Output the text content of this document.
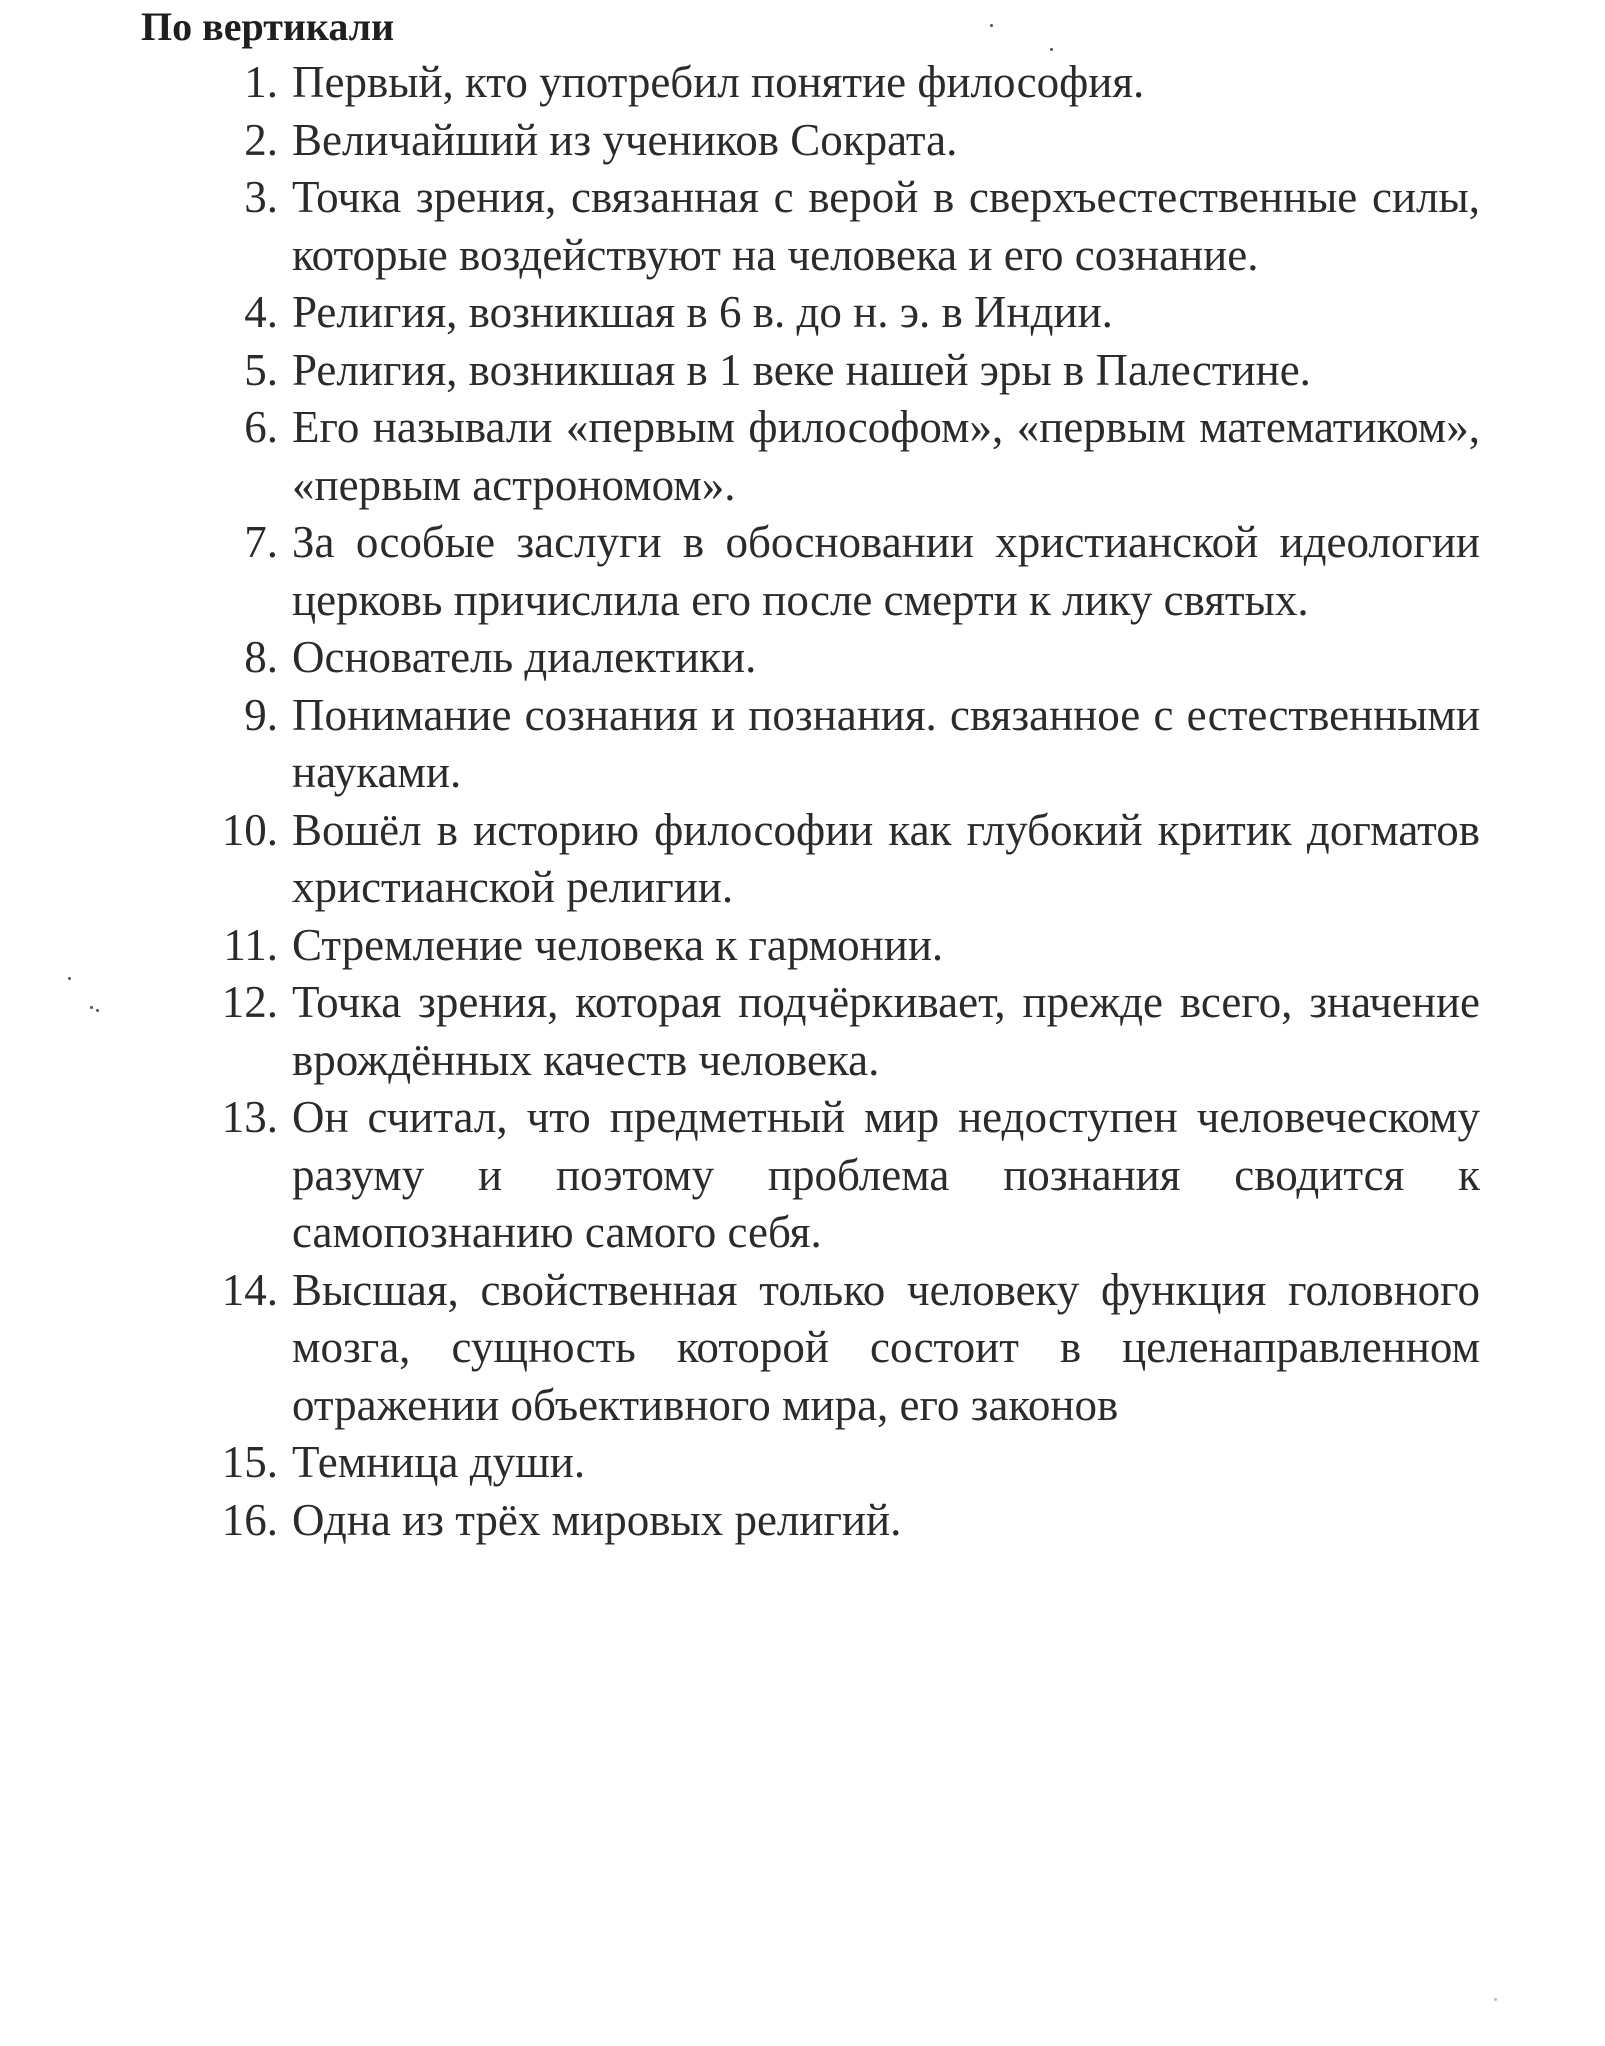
По вертикали
1. Первый, кто употребил понятие философия.
2. Величайший из учеников Сократа.
3. Точка зрения, связанная с верой в сверхъестественные силы, которые воздействуют на человека и его сознание.
4. Религия, возникшая в 6 в. до н. э. в Индии.
5. Религия, возникшая в 1 веке нашей эры в Палестине.
6. Его называли «первым философом», «первым математиком», «первым астрономом».
7. За особые заслуги в обосновании христианской идеологии церковь причислила его после смерти к лику святых.
8. Основатель диалектики.
9. Понимание сознания и познания. связанное с естественными науками.
10. Вошёл в историю философии как глубокий критик догматов христианской религии.
11. Стремление человека к гармонии.
12. Точка зрения, которая подчёркивает, прежде всего, значение врождённых качеств человека.
13. Он считал, что предметный мир недоступен человеческому разуму и поэтому проблема познания сводится к самопознанию самого себя.
14. Высшая, свойственная только человеку функция головного мозга, сущность которой состоит в целенаправленном отражении объективного мира, его законов
15. Темница души.
16. Одна из трёх мировых религий.
